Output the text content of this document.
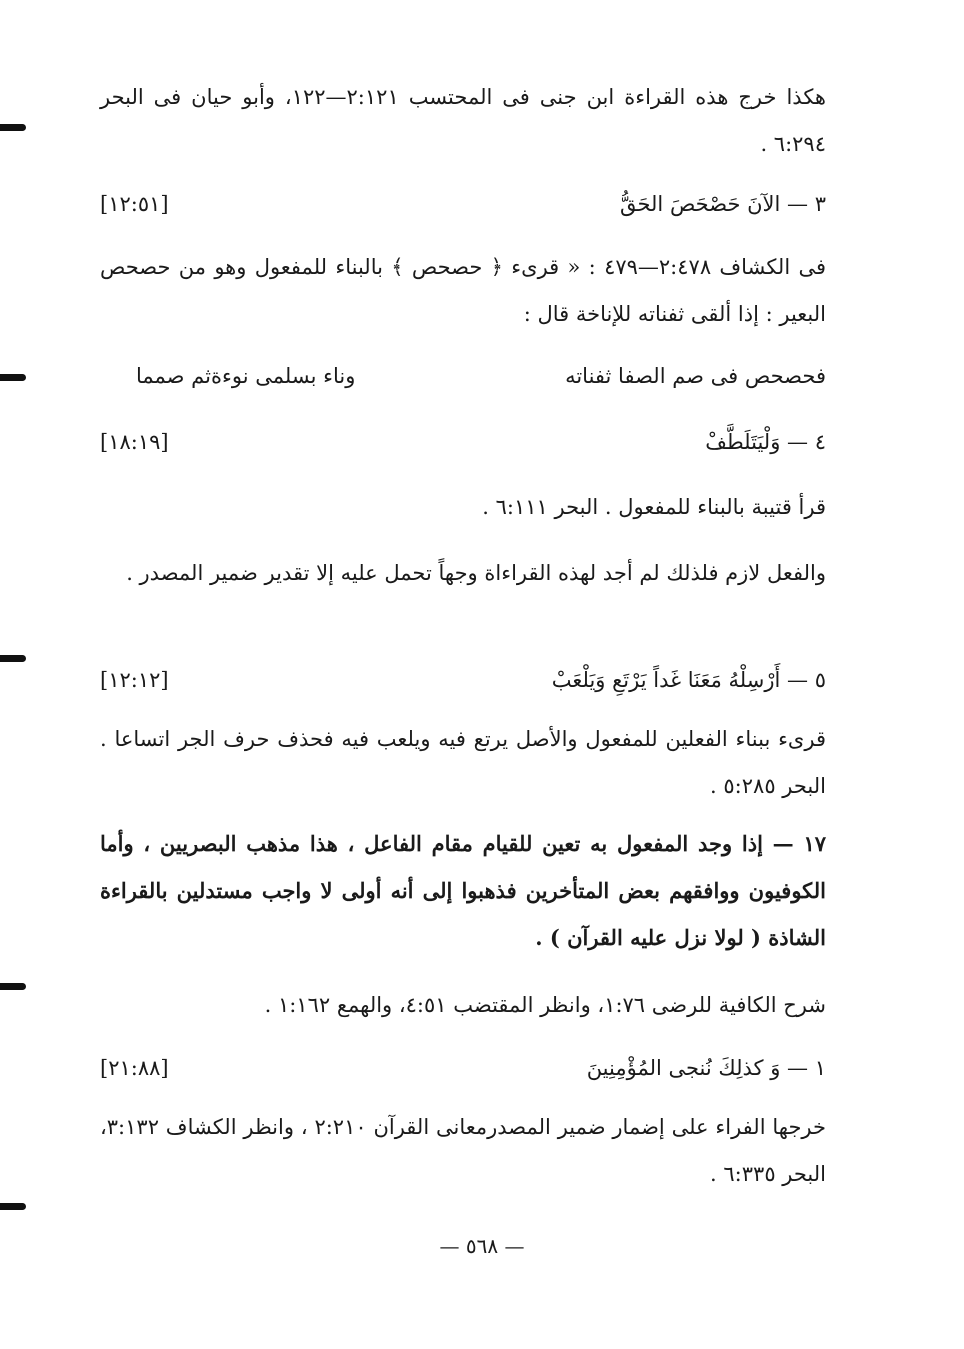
هكذا خرج هذه القراءة ابن جنى فى المحتسب ٢:١٢١—١٢٢، وأبو حيان فى البحر ٦:٢٩٤ .

٣ — الآنَ حَصْحَصَ الحَقُّ
[١٢:٥١]

فى الكشاف ٢:٤٧٨—٤٧٩ : « قرىء ﴿ حصحص ﴾ بالبناء للمفعول وهو من حصحص البعير : إذا ألقى ثفناته للإناخة قال :

فحصحص فى صم الصفا ثفناته
وناء بسلمى نوءةثم صمما
٤ — وَلْيَتَلَطَّفْ
[١٨:١٩]

قرأ قتيبة بالبناء للمفعول . البحر ٦:١١١ .

والفعل لازم فلذلك لم أجد لهذه القراءاة وجهاً تحمل عليه إلا تقدير ضمير المصدر .

٥ — أَرْسِلْهُ مَعَنَا غَداً يَرْتَعِ وَيَلْعَبْ
[١٢:١٢]

قرىء ببناء الفعلين للمفعول والأصل يرتع فيه ويلعب فيه فحذف حرف الجر اتساعا . البحر ٥:٢٨٥ .

١٧ — إذا وجد المفعول به تعين للقيام مقام الفاعل ، هذا مذهب البصريين ، وأما الكوفيون ووافقهم بعض المتأخرين فذهبوا إلى أنه أولى لا واجب مستدلين بالقراءة الشاذة ( لولا نزل عليه القرآن ) .

شرح الكافية للرضى ١:٧٦، وانظر المقتضب ٤:٥١، والهمع ١:١٦٢ .

١ — وَ كذلِكَ نُنجى المُؤْمِنِينَ
[٢١:٨٨]

خرجها الفراء على إضمار ضمير المصدرمعانى القرآن ٢:٢١٠ ، وانظر الكشاف ٣:١٣٢، البحر ٦:٣٣٥ .

— ٥٦٨ —
